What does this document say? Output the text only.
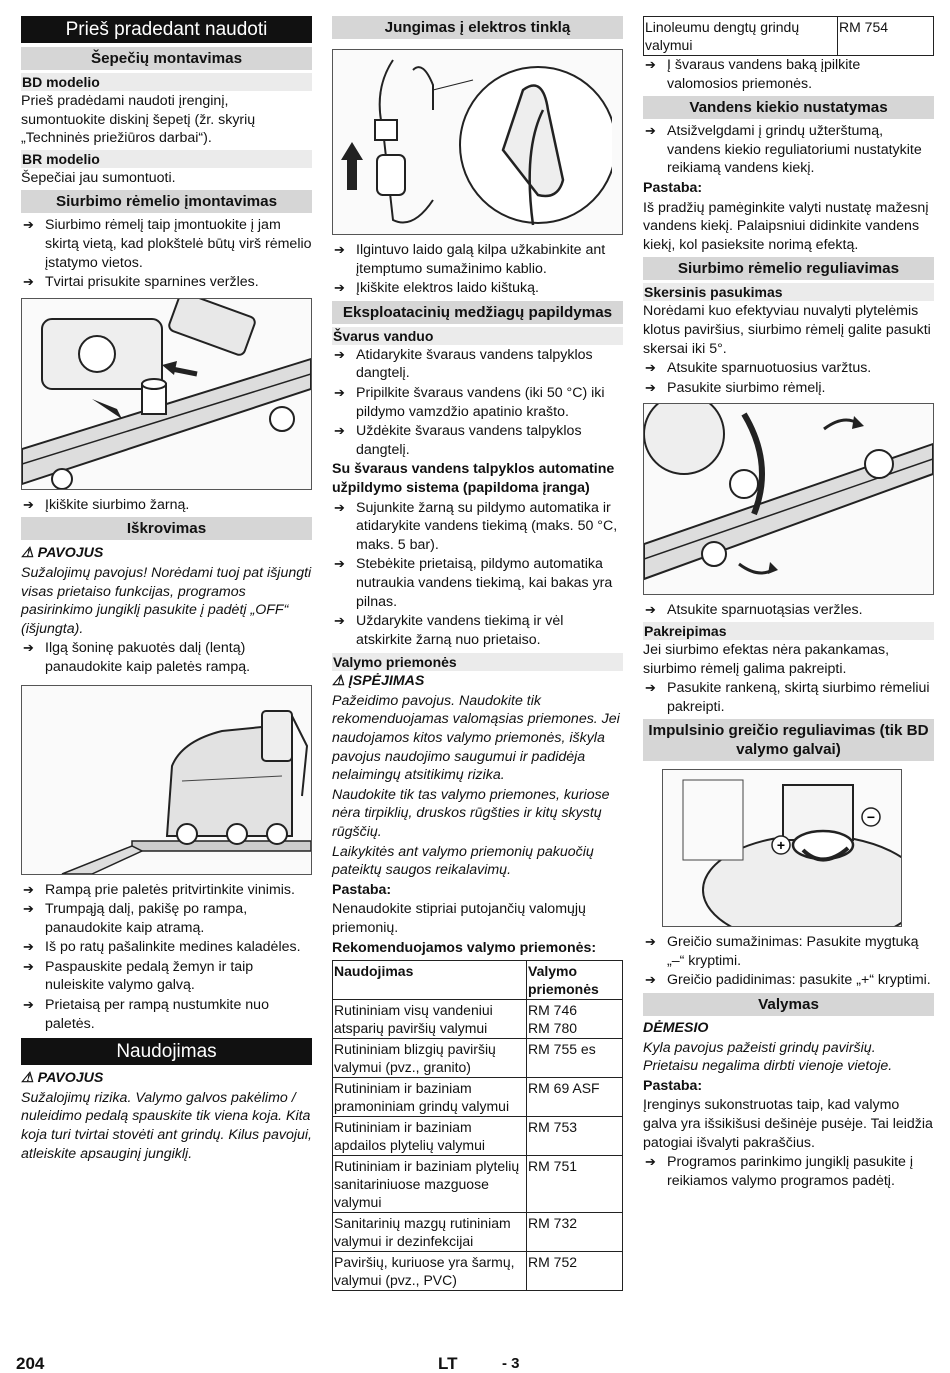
Prieš pradedant naudoti
Šepečių montavimas
BD modelio
Prieš pradėdami naudoti įrenginį, sumontuokite diskinį šepetį (žr. skyrių „Techninės priežiūros darbai“).
BR modelio
Šepečiai jau sumontuoti.
Siurbimo rėmelio įmontavimas
➔ Siurbimo rėmelį taip įmontuokite į jam skirtą vietą, kad plokštelė būtų virš rėmelio įstatymo vietos.
➔ Tvirtai prisukite sparnines veržles.
➔ Įkiškite siurbimo žarną.
Iškrovimas
⚠ PAVOJUS
Sužalojimų pavojus! Norėdami tuoj pat išjungti visas prietaiso funkcijas, programos pasirinkimo jungiklį pasukite į padėtį „OFF“ (išjungta).
➔ Ilgą šoninę pakuotės dalį (lentą) panaudokite kaip paletės rampą.
➔ Rampą prie paletės pritvirtinkite vinimis.
➔ Trumpąją dalį, pakišę po rampa, panaudokite kaip atramą.
➔ Iš po ratų pašalinkite medines kaladėles.
➔ Paspauskite pedalą žemyn ir taip nuleiskite valymo galvą.
➔ Prietaisą per rampą nustumkite nuo paletės.
Naudojimas
⚠ PAVOJUS
Sužalojimų rizika. Valymo galvos pakėlimo / nuleidimo pedalą spauskite tik viena koja. Kita koja turi tvirtai stovėti ant grindų. Kilus pavojui, atleiskite apsauginį jungiklį.
Jungimas į elektros tinklą
➔ Ilgintuvo laido galą kilpa užkabinkite ant įtemptumo sumažinimo kablio.
➔ Įkiškite elektros laido kištuką.
Eksploatacinių medžiagų papildymas
Švarus vanduo
➔ Atidarykite švaraus vandens talpyklos dangtelį.
➔ Pripilkite švaraus vandens (iki 50 °C) iki pildymo vamzdžio apatinio krašto.
➔ Uždėkite švaraus vandens talpyklos dangtelį.
Su švaraus vandens talpyklos automatine užpildymo sistema (papildoma įranga)
➔ Sujunkite žarną su pildymo automatika ir atidarykite vandens tiekimą (maks. 50 °C, maks. 5 bar).
➔ Stebėkite prietaisą, pildymo automatika nutraukia vandens tiekimą, kai bakas yra pilnas.
➔ Uždarykite vandens tiekimą ir vėl atskirkite žarną nuo prietaiso.
Valymo priemonės
⚠ ĮSPĖJIMAS
Pažeidimo pavojus. Naudokite tik rekomenduojamas valomąsias priemones. Jei naudojamos kitos valymo priemonės, iškyla pavojus naudojimo saugumui ir padidėja nelaimingų atsitikimų rizika.
Naudokite tik tas valymo priemones, kuriose nėra tirpiklių, druskos rūgšties ir kitų skystų rūgščių.
Laikykitės ant valymo priemonių pakuočių pateiktų saugos reikalavimų.
Pastaba:
Nenaudokite stipriai putojančių valomųjų priemonių.
Rekomenduojamos valymo priemonės:
Naudojimas	Valymo priemonės
Rutininiam visų vandeniui atsparių paviršių valymui	RM 746
RM 780
Rutininiam blizgių paviršių valymui (pvz., granito)	RM 755 es
Rutininiam ir baziniam pramoniniam grindų valymui	RM 69 ASF
Rutininiam ir baziniam apdailos plytelių valymui	RM 753
Rutininiam ir baziniam plytelių sanitariniuose mazguose valymui	RM 751
Sanitarinių mazgų rutininiam valymui ir dezinfekcijai	RM 732
Paviršių, kuriuose yra šarmų, valymui (pvz., PVC)	RM 752
Linoleumu dengtų grindų valymui	RM 754
➔ Į švaraus vandens baką įpilkite valomosios priemonės.
Vandens kiekio nustatymas
➔ Atsižvelgdami į grindų užterštumą, vandens kiekio reguliatoriumi nustatykite reikiamą vandens kiekį.
Pastaba:
Iš pradžių pamėginkite valyti nustatę mažesnį vandens kiekį. Palaipsniui didinkite vandens kiekį, kol pasieksite norimą efektą.
Siurbimo rėmelio reguliavimas
Skersinis pasukimas
Norėdami kuo efektyviau nuvalyti plytelėmis klotus paviršius, siurbimo rėmelį galite pasukti skersai iki 5°.
➔ Atsukite sparnuotuosius varžtus.
➔ Pasukite siurbimo rėmelį.
➔ Atsukite sparnuotąsias veržles.
Pakreipimas
Jei siurbimo efektas nėra pakankamas, siurbimo rėmelį galima pakreipti.
➔ Pasukite rankeną, skirtą siurbimo rėmeliui pakreipti.
Impulsinio greičio reguliavimas (tik BD valymo galvai)
+
−
➔ Greičio sumažinimas: Pasukite mygtuką „–“ kryptimi.
➔ Greičio padidinimas: pasukite „+“ kryptimi.
Valymas
DĖMESIO
Kyla pavojus pažeisti grindų paviršių. Prietaisu negalima dirbti vienoje vietoje.
Pastaba:
Įrenginys sukonstruotas taip, kad valymo galva yra išsikišusi dešinėje pusėje. Tai leidžia patogiai išvalyti pakraščius.
➔ Programos parinkimo jungiklį pasukite į reikiamos valymo programos padėtį.
204	LT	- 3
